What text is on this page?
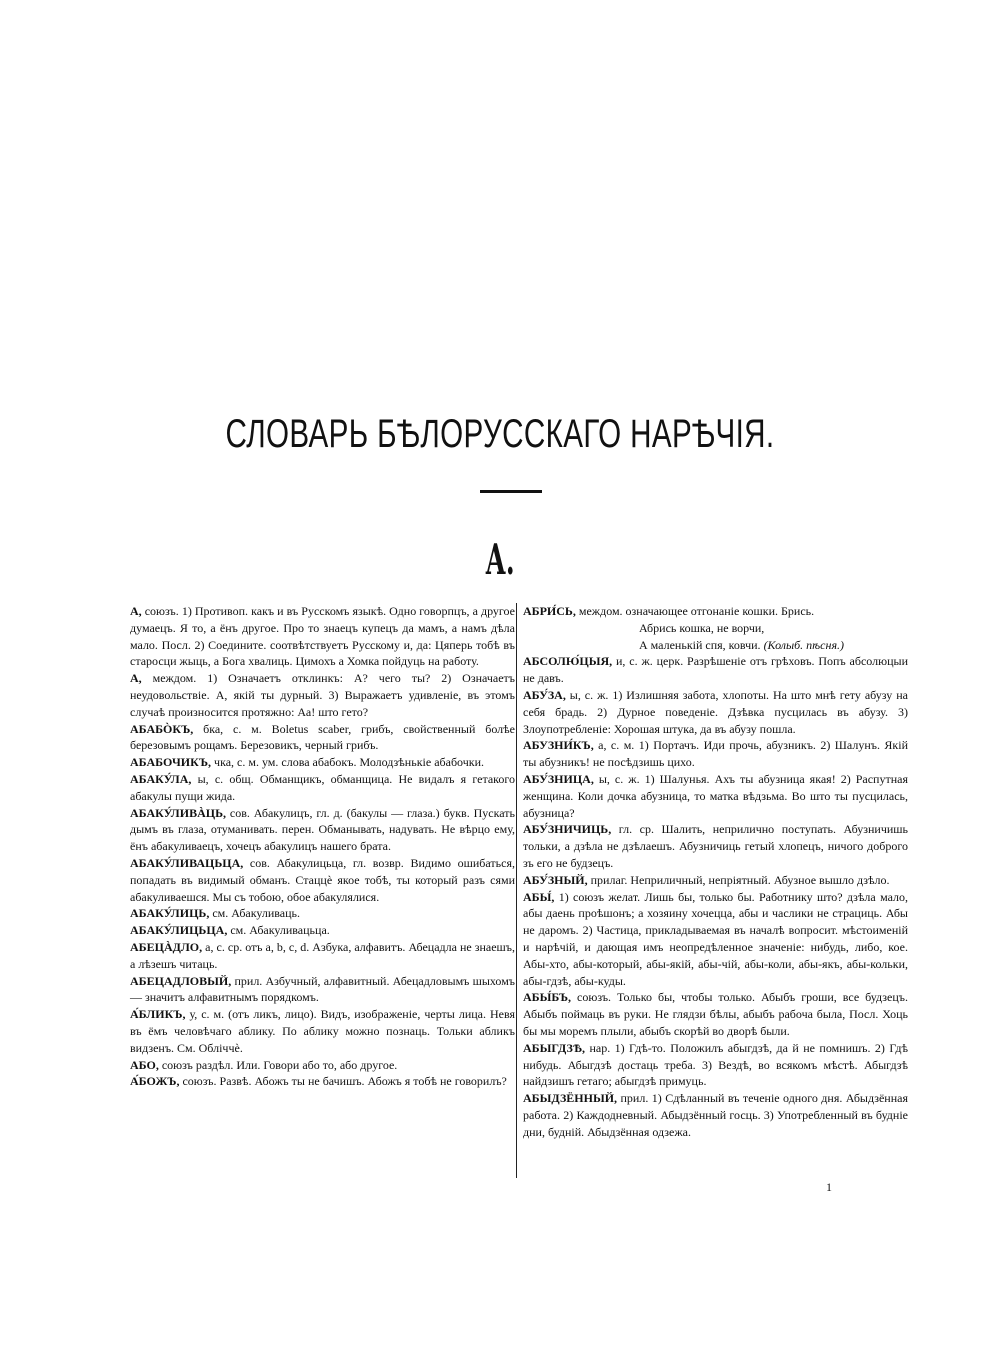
СЛОВАРЬ БѢЛОРУССКАГО НАРѢЧІЯ.
А.

А, союзъ. 1) Противоп. какъ и въ Русскомъ языкѣ. Одно говорпцъ, а другое думаецъ. Я то, а ёнъ другое. Про то знаецъ купецъ да мамъ, а намъ дѣла мало. Посл. 2) Соедините. соотвѣтствуетъ Русскому и, да: Цяперь тобѣ въ старосци жыць, а Бога хвалиць. Цимохъ а Хомка пойдуць на работу.

А, междом. 1) Означаетъ отклинкъ: А? чего ты? 2) Означаетъ неудовольствіе. А, якій ты дурный. 3) Выражаетъ удивленіе, въ этомъ случаѣ произносится протяжно: Аа! што гето?

АБАБÒКЪ, бка, с. м. Boletus scaber, грибъ, свойственный болѣе березовымъ рощамъ. Березовикъ, черный грибъ.

АБАБОЧИКЪ, чка, с. м. ум. слова абабокъ. Молодзѣнькіе абабочки.

АБАКУ́ЛА, ы, с. общ. Обманщикъ, обманщица. Не видалъ я гетакого абакулы пущи жида.

АБАКУ́ЛИВÀЦЬ, сов. Абакулицъ, гл. д. (бакулы — глаза.) букв. Пускать дымъ въ глаза, отуманивать. перен. Обманывать, надувать. Не вѣрцо ему, ёнъ абакуливаецъ, хочецъ абакулицъ нашего брата.

АБАКУ́ЛИВАЦЬЦА, сов. Абакулицьца, гл. возвр. Видимо ошибаться, попадать въ видимый обманъ. Стаццѐ якое тобѣ, ты который разъ сями абакуливаешся. Мы съ тобою, обое абакулялися.

АБАКУ́ЛИЦЬ, см. Абакуливаць.

АБАКУ́ЛИЦЬЦА, см. Абакуливацьца.

АБЕЦÀДЛО, а, с. ср. отъ a, b, c, d. Азбука, алфавитъ. Абецадла не знаешъ, а лѣзешъ читаць.

АБЕЦАДЛОВЫЙ, прил. Азбучный, алфавитный. Абецадловымъ шыхомъ — значитъ алфавитнымъ порядкомъ.

А́БЛИКЪ, у, с. м. (отъ ликъ, лицо). Видъ, изображеніе, черты лица. Невя въ ёмъ человѣчаго аблику. По аблику можно познаць. Тольки абликъ видзенъ. См. Обліччѐ.

АБО, союзъ раздѣл. Или. Говори або то, або другое.

А́БОЖЪ, союзъ. Развѣ. Абожъ ты не бачишъ. Абожъ я тобѣ не говорилъ?

АБРИ́СЬ, междом. означающее отгонаніе кошки. Брись.

Абрись кошка, не ворчи,

А маленькій спя, ковчи. (Колыб. пѣсня.)

АБСОЛЮ́ЦЫЯ, и, с. ж. церк. Разрѣшеніе отъ грѣховъ. Попъ абсолюцыи не давъ.

АБУ́ЗА, ы, с. ж. 1) Излишняя забота, хлопоты. На што мнѣ гету абузу на себя брадь. 2) Дурное поведеніе. Дзѣвка пусцилась въ абузу. 3) Злоупотребленіе: Хорошая штука, да въ абузу пошла.

АБУЗНИ́КЪ, а, с. м. 1) Портачъ. Иди прочь, абузникъ. 2) Шалунъ. Якій ты абузникъ! не посѣдзишь цихо.

АБУ́ЗНИЦА, ы, с. ж. 1) Шалунья. Ахъ ты абузница якая! 2) Распутная женщина. Коли дочка абузница, то матка вѣдзьма. Во што ты пусцилась, абузница?

АБУ́ЗНИЧИЦЬ, гл. ср. Шалить, неприлично поступать. Абузничишь тольки, а дзѣла не дзѣлаешъ. Абузничиць гетый хлопецъ, ничого доброго зъ его не будзецъ.

АБУ́ЗНЫЙ, прилаг. Неприличный, непріятный. Абузное вышло дзѣло.

АБЫ́, 1) союзъ желат. Лишь бы, только бы. Работнику што? дзѣла мало, абы даень проѣшонъ; а хозяину хочецца, абы и часлики не страциць. Абы не даромъ. 2) Частица, прикладываемая въ началѣ вопросит. мѣстоименій и нарѣчій, и дающая имъ неопредѣленное значеніе: нибудь, либо, кое. Абы-хто, абы-который, абы-якій, абы-чій, абы-коли, абы-якъ, абы-кольки, абы-гдзѣ, абы-куды.

АБЫ́БЪ, союзъ. Только бы, чтобы только. Абыбъ гроши, все будзецъ. Абыбъ поймаць въ руки. Не глядзи бѣлы, абыбъ рабоча была, Посл. Хоць бы мы моремъ плыли, абыбъ скорѣй во дворѣ были.

АБЫГДЗѢ, нар. 1) Гдѣ-то. Положилъ абыгдзѣ, да й не помнишъ. 2) Гдѣ нибудь. Абыгдзѣ достаць треба. 3) Вездѣ, во всякомъ мѣстѣ. Абыгдзѣ найдзишъ гетаго; абыгдзѣ примуць.

АБЫДЗЁННЫЙ, прил. 1) Сдѣланный въ теченіе одного дня. Абыдзённая работа. 2) Каждодневный. Абыдзённый госць. 3) Употребленный въ будніе дни, будній. Абыдзённая одзежа.

1
